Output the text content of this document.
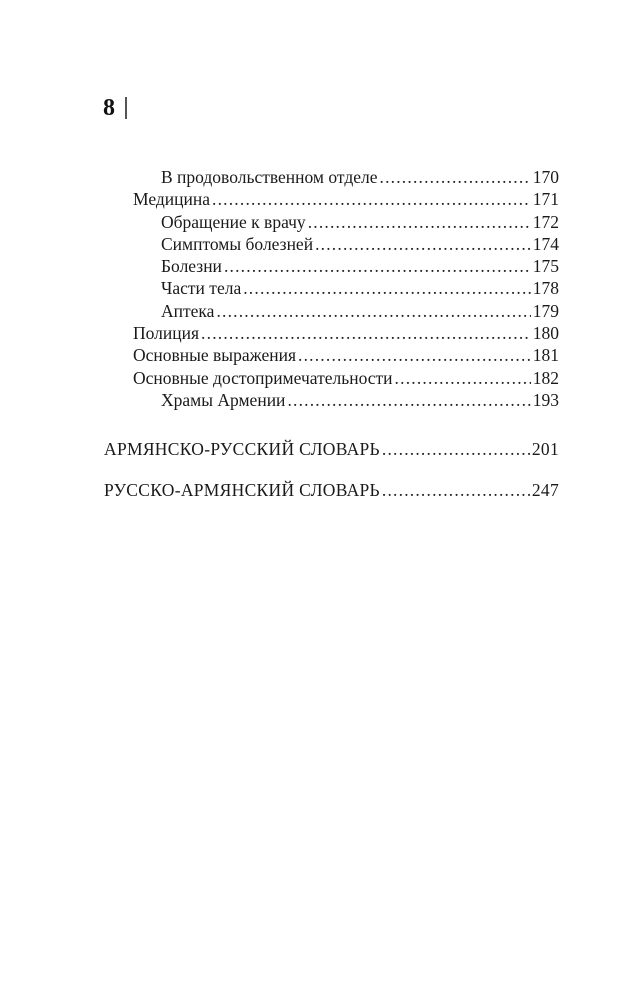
8
В продовольственном отделе .....	170
Медицина .....	171
Обращение к врачу .....	172
Симптомы болезней .....	174
Болезни .....	175
Части тела .....	178
Аптека .....	179
Полиция .....	180
Основные выражения .....	181
Основные достопримечательности .....	182
Храмы Армении .....	193
АРМЯНСКО-РУССКИЙ СЛОВАРЬ .....	201
РУССКО-АРМЯНСКИЙ СЛОВАРЬ .....	247
